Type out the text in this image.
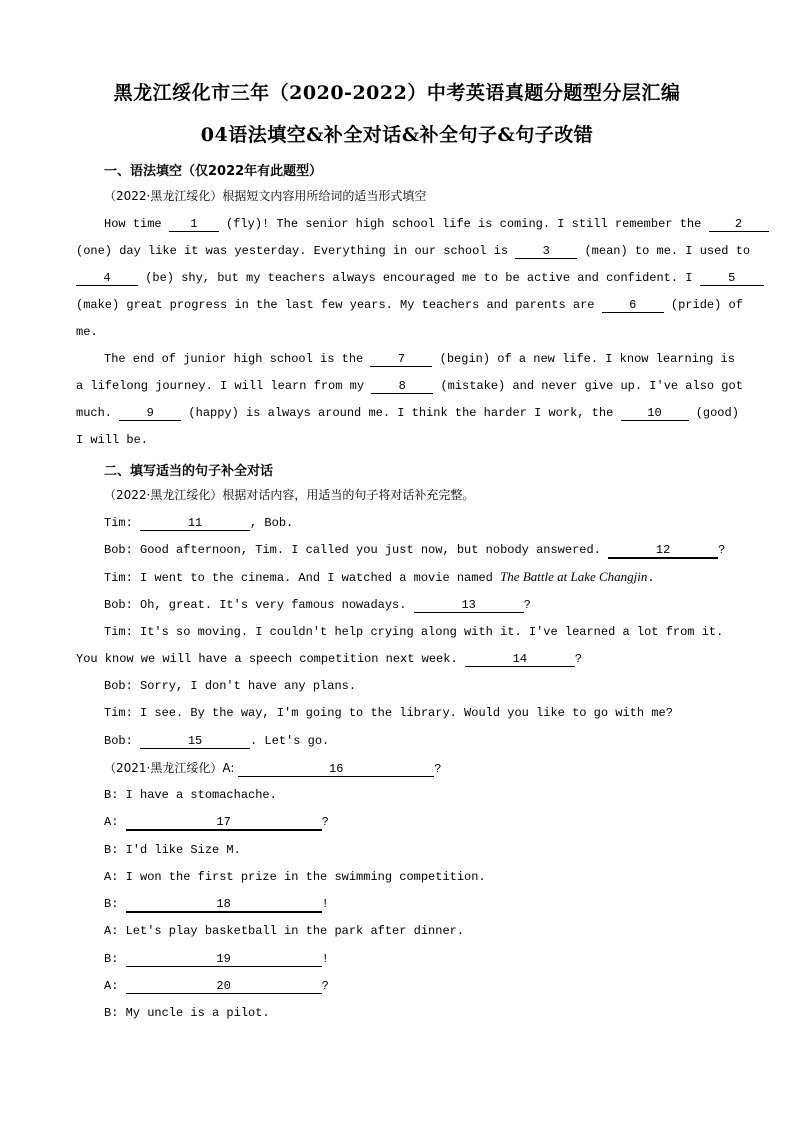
黑龙江绥化市三年（2020-2022）中考英语真题分题型分层汇编
04语法填空&补全对话&补全句子&句子改错
一、语法填空（仅2022年有此题型）
（2022·黑龙江绥化）根据短文内容用所给词的适当形式填空
How time 1 (fly)! The senior high school life is coming. I still remember the 2
(one) day like it was yesterday. Everything in our school is 3 (mean) to me. I used to
4 (be) shy, but my teachers always encouraged me to be active and confident. I 5
(make) great progress in the last few years. My teachers and parents are 6 (pride) of
me.
The end of junior high school is the 7 (begin) of a new life. I know learning is
a lifelong journey. I will learn from my 8 (mistake) and never give up. I've also got
much. 9 (happy) is always around me. I think the harder I work, the 10 (good)
I will be.
二、填写适当的句子补全对话
（2022·黑龙江绥化）根据对话内容，用适当的句子将对话补充完整。
Tim:	11	, Bob.
Bob: Good afternoon, Tim. I called you just now, but nobody answered.	12	?
Tim: I went to the cinema. And I watched a movie named The Battle at Lake Changjin.
Bob: Oh, great. It's very famous nowadays.	13	?
Tim: It's so moving. I couldn't help crying along with it. I've learned a lot from it.
You know we will have a speech competition next week.	14	?
Bob: Sorry, I don't have any plans.
Tim: I see. By the way, I'm going to the library. Would you like to go with me?
Bob:	15	. Let's go.
（2021·黑龙江绥化）A:	16	?
B: I have a stomachache.
A:	17	?
B: I'd like Size M.
A: I won the first prize in the swimming competition.
B:	18	!
A: Let's play basketball in the park after dinner.
B:	19	!
A:	20	?
B: My uncle is a pilot.
